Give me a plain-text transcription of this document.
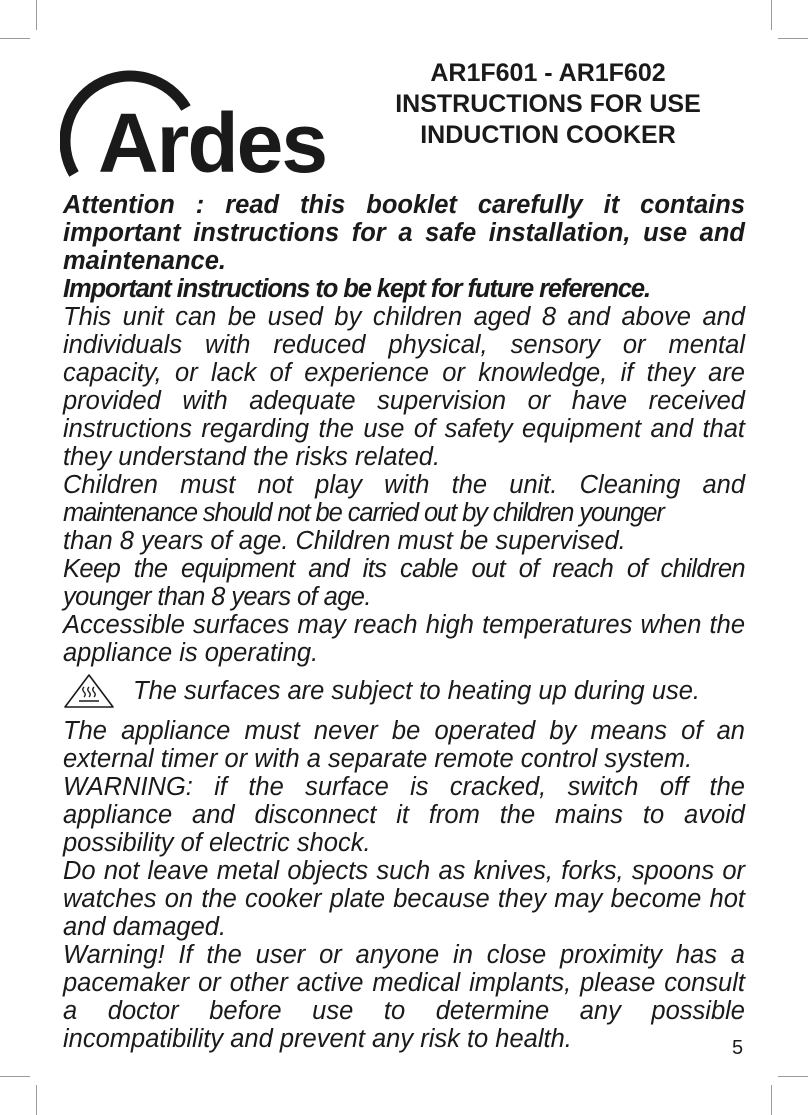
Ardes
AR1F601 - AR1F602
INSTRUCTIONS FOR USE
INDUCTION COOKER

Attention : read this booklet carefully it contains important instructions for a safe installation, use and maintenance.

Important instructions to be kept for future reference.

This unit can be used by children aged 8 and above and individuals with reduced physical, sensory or mental capacity, or lack of experience or knowledge, if they are provided with adequate supervision or have received instructions regarding the use of safety equipment and that they understand the risks related.

Children must not play with the unit. Cleaning and

maintenance should not be carried out by children younger

than 8 years of age. Children must be supervised.

Keep the equipment and its cable out of reach of children younger than 8 years of age.

Accessible surfaces may reach high temperatures when the appliance is operating.

The surfaces are subject to heating up during use.

The appliance must never be operated by means of an external timer or with a separate remote control system.

WARNING: if the surface is cracked, switch off the appliance and disconnect it from the mains to avoid possibility of electric shock.

Do not leave metal objects such as knives, forks, spoons or watches on the cooker plate because they may become hot and damaged.

Warning! If the user or anyone in close proximity has a pacemaker or other active medical implants, please consult a doctor before use to determine any possible incompatibility and prevent any risk to health.	5
